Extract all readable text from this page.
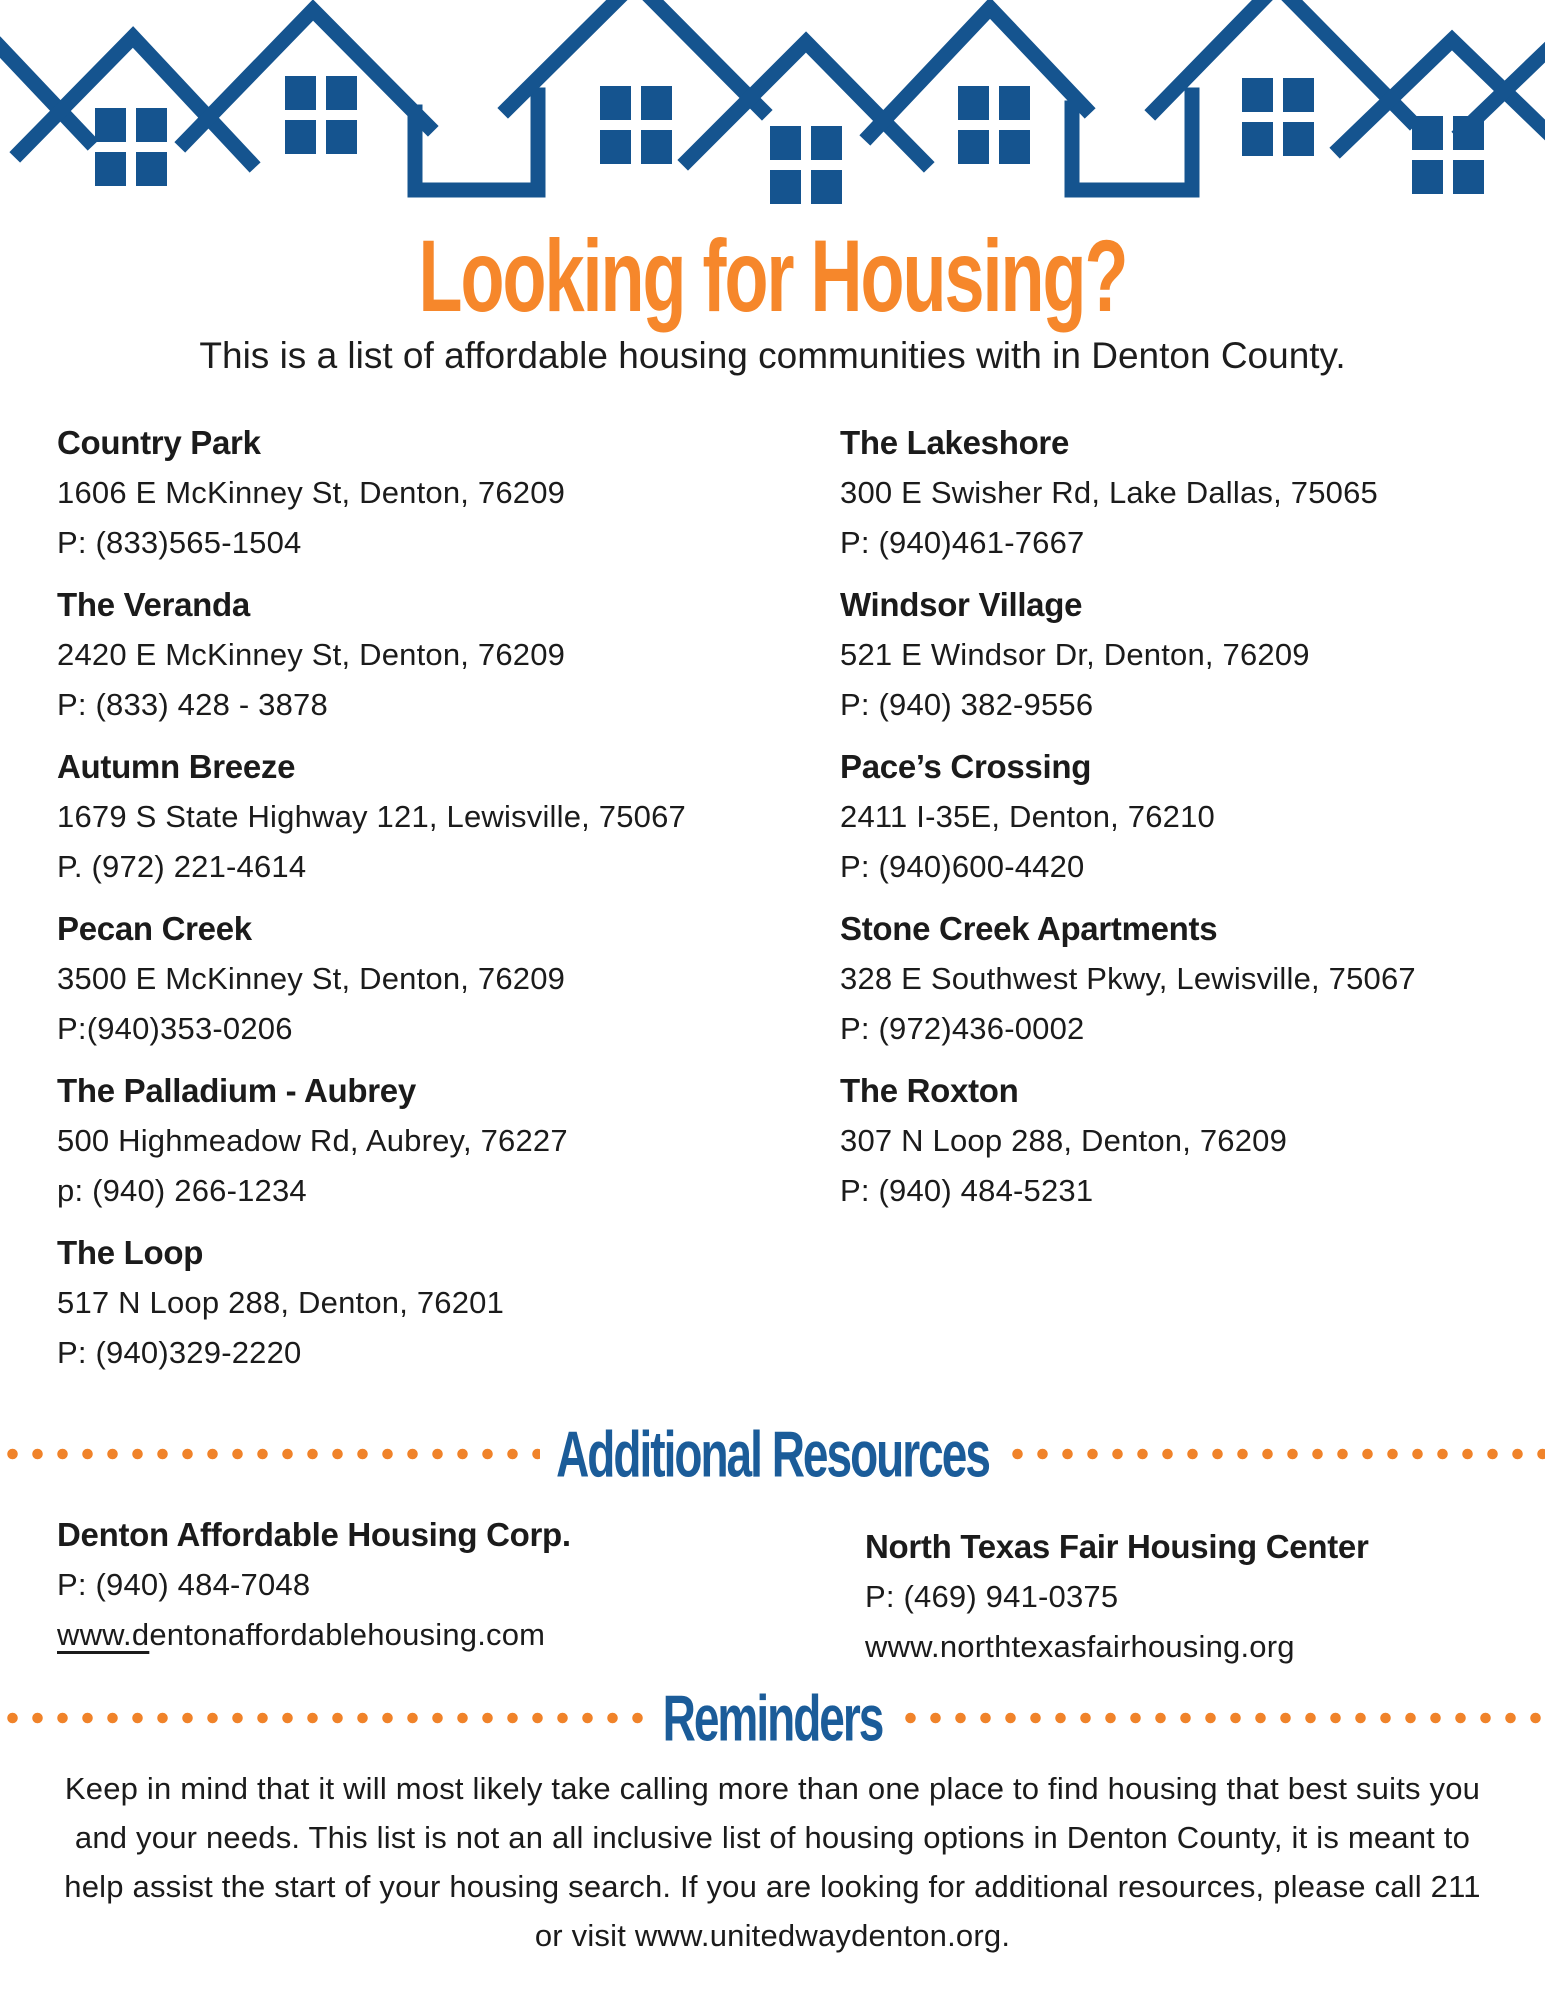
Looking for Housing?
This is a list of affordable housing communities with in Denton County.
Country Park
1606 E McKinney St, Denton, 76209
P: (833)565-1504
The Veranda
2420 E McKinney St, Denton, 76209
P: (833) 428 - 3878
Autumn Breeze
1679 S State Highway 121, Lewisville, 75067
P. (972) 221-4614
Pecan Creek
3500 E McKinney St, Denton, 76209
P:(940)353-0206
The Palladium - Aubrey
500 Highmeadow Rd, Aubrey, 76227
p: (940) 266-1234
The Loop
517 N Loop 288, Denton, 76201
P: (940)329-2220
The Lakeshore
300 E Swisher Rd, Lake Dallas, 75065
P: (940)461-7667
Windsor Village
521 E Windsor Dr, Denton, 76209
P: (940) 382-9556
Pace’s Crossing
2411 I-35E, Denton, 76210
P: (940)600-4420
Stone Creek Apartments
328 E Southwest Pkwy, Lewisville, 75067
P: (972)436-0002
The Roxton
307 N Loop 288, Denton, 76209
P: (940) 484-5231
Additional Resources
Denton Affordable Housing Corp.
P: (940) 484-7048
www.dentonaffordablehousing.com
North Texas Fair Housing Center
P: (469) 941-0375
www.northtexasfairhousing.org
Reminders
Keep in mind that it will most likely take calling more than one place to find housing that best suits you and your needs. This list is not an all inclusive list of housing options in Denton County, it is meant to help assist the start of your housing search. If you are looking for additional resources, please call 211 or visit www.unitedwaydenton.org.
